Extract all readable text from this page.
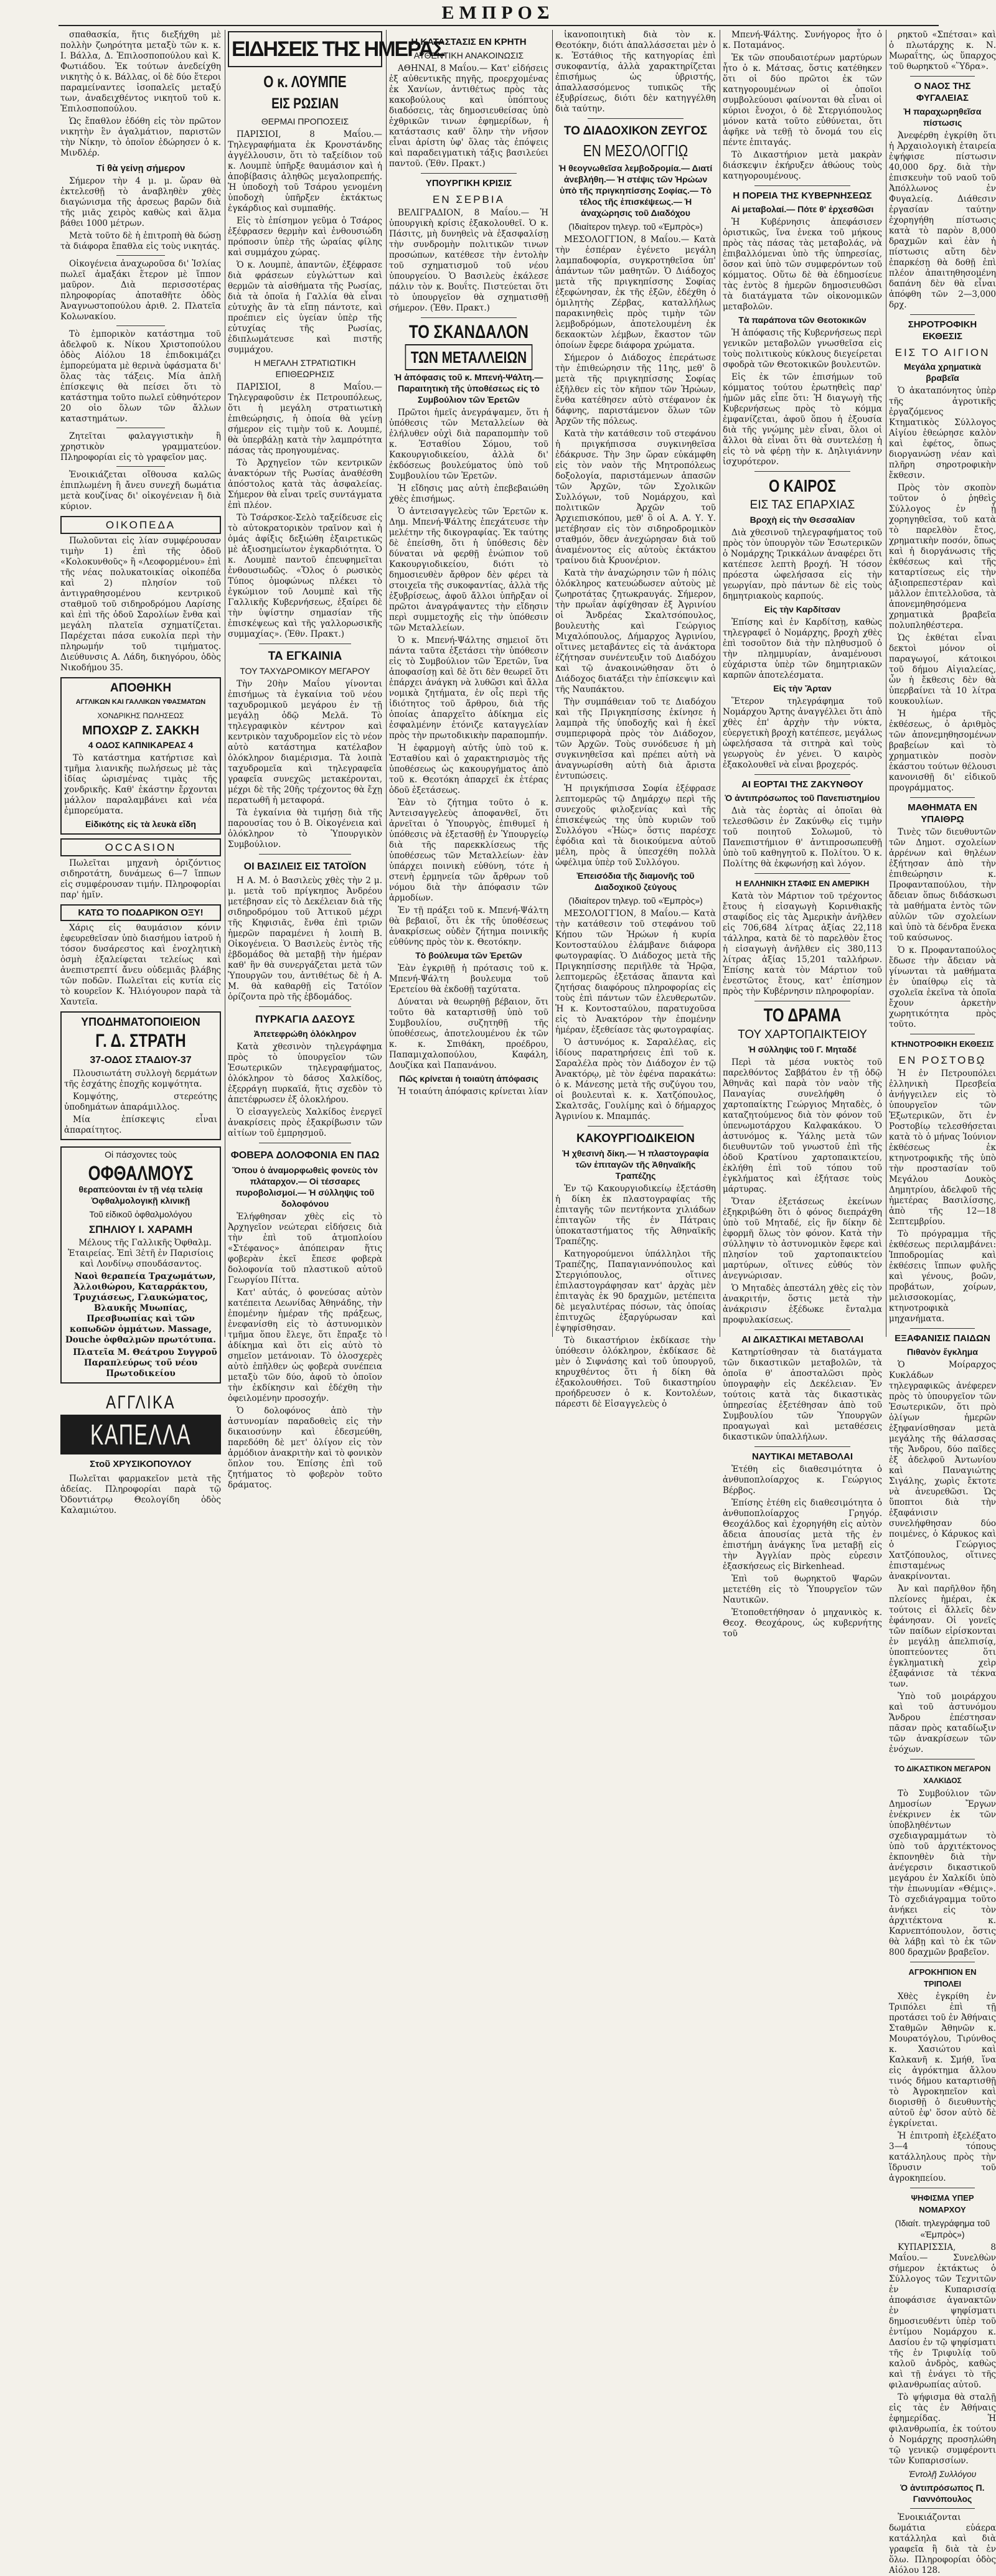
ΕΜΠΡΟΣ

σπαθασκία, ἥτις διεξήχθη μὲ πολλὴν ζωηρότητα μεταξὺ τῶν κ. κ. Ι. Βάλλα, Δ. Ἐπιλοσποπούλου καὶ Κ. Φωτιάδου. Ἐκ τούτων ἀνεδείχθη νικητὴς ὁ κ. Βάλλας, οἱ δὲ δύο ἕτεροι παραμείναντες ἰσοπαλεῖς μεταξύ των, ἀναδειχθέντος νικητοῦ τοῦ κ. Ἐπιλοσποπούλου.

Ὡς ἔπαθλον ἐδόθη εἰς τὸν πρῶτον νικητὴν ἓν ἀγαλμάτιον, παριστῶν τὴν Νίκην, τὸ ὁποῖον ἐδώρησεν ὁ κ. Μινδλέρ.

Τί θὰ γείνῃ σήμερον

Σήμερον τὴν 4 μ. μ. ὥραν θὰ ἐκτελεσθῇ τὸ ἀναβληθὲν χθὲς διαγώνισμα τῆς ἀρσεως βαρῶν διὰ τῆς μιᾶς χειρὸς καθὼς καὶ ἅλμα βάθει 1000 μέτρων.

Μετὰ τοῦτο δὲ ἡ ἐπιτροπὴ θὰ δώσῃ τὰ διάφορα ἔπαθλα εἰς τοὺς νικητάς.

Οἰκογένεια ἀναχωροῦσα δι' Ἰσλίας πωλεῖ ἀμαξάκι ἕτερον μὲ ἵππον μαῦρον. Διὰ περισσοτέρας πληροφορίας ἀποταθῆτε ὁδὸς Ἀναγνωστοπούλου ἀριθ. 2. Πλατεῖα Κολωνακίου.

Τὸ ἐμπορικὸν κατάστημα τοῦ ἀδελφοῦ κ. Νίκου Χριστοπούλου ὁδὸς Αἰόλου 18 ἐπιδοκιμάζει ἐμπορεύματα μὲ θερινὰ ὑφάσματα δι' ὅλας τὰς τάξεις. Μία ἀπλῆ ἐπίσκεψις θὰ πείσει ὅτι τὸ κατάστημα τοῦτο πωλεῖ εὐθηνότερον 20 οἱο ὅλων τῶν ἄλλων καταστημάτων.

Ζητεῖται φαλαγγιστικὴν ἢ χρηστικὸν γραμματεύον. Πληροφορίαι εἰς τὸ γραφεῖον μας.

Ἐνοικιάζεται οἴθουσα καλῶς ἐπιπλωμένη ἢ ἄνευ συνεχῆ δωμάτια μετὰ κουζίνας δι' οἰκογένειαν ἢ διὰ κύριον.

ΟΙΚΟΠΕΔΑ

Πωλοῦνται εἰς λίαν συμφέρουσαν τιμὴν 1) ἐπὶ τῆς ὁδοῦ «Κολοκυνθοῦς» ἢ «Λεοφορμένου» ἐπὶ τῆς νέας πολυκατοικίας οἰκοπέδα καὶ 2) πλησίον τοῦ ἀντιγραθησομένου κεντρικοῦ σταθμοῦ τοῦ σιδηροδρόμου Λαρίσης καὶ ἐπὶ τῆς ὁδοῦ Σαρολίων ἔνθα καὶ μεγάλη πλατεῖα σχηματίζεται. Παρέχεται πάσα ευκολία περὶ τὴν πληρωμήν τοῦ τιμήματος. Διεύθυνσις Α. Λάδη, δικηγόρου, ὁδὸς Νικοδήμου 35.

ΑΠΟΘΗΚΗ
ΑΓΓΛΙΚΩΝ ΚΑΙ ΓΑΛΛΙΚΩΝ ΥΦΑΣΜΑΤΩΝ
ΧΟΝΔΡΙΚΗΣ ΠΩΛΗΣΕΩΣ
ΜΠΟΧΩΡ Ζ. ΣΑΚΚΗ
4 ΟΔΟΣ ΚΑΠΝΙΚΑΡΕΑΣ 4

Τὸ κατάστημα κατήρτισε καὶ τμῆμα λιανικῆς πωλήσεως μὲ τὰς ἰδίας ὡρισμένας τιμὰς τῆς χονδρικῆς. Καθ' ἑκάστην ἔρχονται μάλλον παραλαμβάνει καὶ νέα ἐμπορεύματα.

Εἰδικότης εἰς τὰ λευκὰ εἴδη
OCCASION

Πωλεῖται μηχανὴ ὀριζόντιος σιδηροτάτη, δυνάμεως 6—7 ἵππων εἰς συμφέρουσαν τιμήν. Πληροφορίαι παρ' ἡμῖν.

ΚΑΤΩ ΤΟ ΠΟΔΑΡΙΚΟΝ ΟΞΥ!

Χάρις εἰς θαυμάσιον κόνιν ἐφευρεθεῖσαν ὑπὸ διασήμου ἰατροῦ ἡ τόσον δυσάρεστος καὶ ἐνοχλητικὴ ὀσμὴ ἐξαλείφεται τελείως καὶ ἀνεπιστρεπτί ἄνευ οὐδεμιᾶς βλάβης τῶν ποδῶν. Πωλεῖται εἰς κυτία εἰς τὸ κουρεῖον Κ. Ἠλιόγουρον παρὰ τὰ Χαυτεῖα.

ΥΠΟΔΗΜΑΤΟΠΟΙΕΙΟΝ
Γ. Δ. ΣΤΡΑΤΗ
37-ΟΔΟΣ ΣΤΑΔΙΟΥ-37

Πλουσιωτάτη συλλογὴ δερμάτων τῆς ἐσχάτης ἐποχῆς κομψότητα.

Κομψότης, στερεότης ὑποδημάτων ἀπαράμιλλος.

Μία ἐπίσκεψις εἶναι ἀπαραίτητος.

Οἱ πάσχοντες τοὺς
ΟΦΘΑΛΜΟΥΣ
θεραπεύονται ἐν τῇ νέᾳ τελείᾳ Ὀφθαλμολογικῇ κλινικῇ
Τοῦ εἰδικοῦ ὀφθαλμολόγου
ΣΠΗΛΙΟΥ Ι. ΧΑΡΑΜΗ

Μέλους τῆς Γαλλικῆς Ὀφθαλμ. Ἑταιρείας. Ἐπὶ 3ἐτῆ ἐν Παρισίοις καὶ Λονδίνῳ σπουδάσαντος.

Ναοὶ θεραπεία Τραχωμάτων, Ἀλλοιθώρου, Καταρράκτου, Τρυχιάσεως, Γλαυκώματος, Βλαυκῆς Μυωπίας, Πρεσβυωπίας καὶ τῶν κοπωδῶν ὀμμάτων. Massage, Douche ὀφθαλμῶν πρωτότυπα.

Πλατεῖα Μ. Θεάτρου Συγγροῦ Παραπλεύρως τοῦ νέου Πρωτοδικείου

ΑΓΓΛΙΚΑ
ΚΑΠΕΛΛΑ
Στοῦ ΧΡΥΣΙΚΟΠΟΥΛΟΥ

Πωλεῖται φαρμακεῖον μετὰ τῆς ἀδείας. Πληροφορίαι παρὰ τῷ Ὀδοντιάτρῳ Θεολογίδη ὁδὸς Καλαμιώτου.

ΕΙΔΗΣΕΙΣ ΤΗΣ ΗΜΕΡΑΣ
Ο κ. ΛΟΥΜΠΕ
ΕΙΣ ΡΩΣΙΑΝ
ΘΕΡΜΑΙ ΠΡΟΠΟΣΕΙΣ

ΠΑΡΙΣΙΟΙ, 8 Μαΐου.— Τηλεγραφήματα ἐκ Κρονστάνδης ἀγγέλλουσιν, ὅτι τὸ ταξείδιον τοῦ κ. Λουμπὲ ὑπῆρξε θαυμάσιον καὶ ἡ ἀποβίβασις ἀληθῶς μεγαλοπρεπής. Ἡ ὑποδοχὴ τοῦ Τσάρου γενομένη ὑποδοχὴ ὑπῆρξεν ἐκτάκτως ἐγκάρδιος καὶ συμπαθής.

Εἰς τὸ ἐπίσημον γεῦμα ὁ Τσάρος ἐξέφρασεν θερμὴν καὶ ἐνθουσιώδη πρόποσιν ὑπὲρ τῆς ὡραίας φίλης καὶ συμμάχου χώρας.

Ὁ κ. Λουμπὲ, ἀπαντῶν, ἐξέφρασε διὰ φράσεων εὐγλώττων καὶ θερμῶν τὰ αἰσθήματα τῆς Ρωσίας, διὰ τὰ ὁποῖα ἡ Γαλλία θὰ εἶναι εὐτυχὴς ἂν τὰ εἴπῃ πάντοτε, καὶ προέπιεν εἰς ὑγείαν ὑπὲρ τῆς εὐτυχίας τῆς Ρωσίας, ἐδιπλωμάτευσε καὶ πιστῆς συμμάχου.

Η ΜΕΓΑΛΗ ΣΤΡΑΤΙΩΤΙΚΗ ΕΠΙΘΕΩΡΗΣΙΣ

ΠΑΡΙΣΙΟΙ, 8 Μαΐου.— Τηλεγραφοῦσιν ἐκ Πετρουπόλεως, ὅτι ἡ μεγάλη στρατιωτικὴ ἐπιθεώρησις, ἡ ὁποία θὰ γείνῃ σήμερον εἰς τιμὴν τοῦ κ. Λουμπέ, θὰ ὑπερβάλῃ κατὰ τὴν λαμπρότητα πάσας τὰς προηγουμένας.

Τὸ Ἀρχηγεῖον τῶν κεντρικῶν ἀνακτόρων τῆς Ρωσίας ἀναθέσθη ἀπόστολος κατὰ τὰς ἀσφαλείας. Σήμερον θὰ εἶναι τρεῖς συντάγματα ἐπὶ πλέον.

Τὸ Τσάρσκοε-Σελὸ ταξείδευσε εἰς τὸ αὐτοκρατορικὸν τραῖνον καὶ ἡ ὁμάς ἀφίξις δεξιώθη ἐξαιρετικῶς μὲ ἀξιοσημείωτον ἐγκαρδιότητα. Ὁ κ. Λουμπὲ παντοῦ ἐπευφημεῖται ἐνθουσιωδῶς. «Ὅλος ὁ ρωσικὸς Τύπος ὁμοφώνως πλέκει τὸ ἐγκώμιον τοῦ Λουμπὲ καὶ τῆς Γαλλικῆς Κυβερνήσεως, ἐξαίρει δὲ τὴν ὑψίστην σημασίαν τῆς ἐπισκέψεως καὶ τῆς γαλλορωσικῆς συμμαχίας». (Ἐθν. Πρακτ.)

ΤΑ ΕΓΚΑΙΝΙΑ
ΤΟΥ ΤΑΧΥΔΡΟΜΙΚΟΥ ΜΕΓΑΡΟΥ

Τὴν 20ὴν Μαΐου γίνονται ἐπισήμως τὰ ἐγκαίνια τοῦ νέου ταχυδρομικοῦ μεγάρου ἐν τῇ μεγάλῃ ὁδῷ Μελᾶ. Τὸ τηλεγραφικὸν κέντρον καὶ κεντρικὸν ταχυδρομεῖον εἰς τὸ νέον αὐτὸ κατάστημα κατέλαβον ὁλόκληρον διαμέρισμα. Τὰ λοιπὰ ταχυδρομεῖα καὶ τηλεγραφεῖα γραφεῖα συνεχῶς μετακέρονται, μέχρι δὲ τῆς 20ῆς τρέχοντος θὰ ἔχῃ περατωθῆ ἡ μεταφορά.

Τὰ ἐγκαίνια θὰ τιμήσῃ διὰ τῆς παρουσίας του ὁ Β. Οἰκογένεια καὶ ὁλόκληρον τὸ Ὑπουργικὸν Συμβούλιον.

ΟΙ ΒΑΣΙΛΕΙΣ ΕΙΣ ΤΑΤΟΪΟΝ

Η Α. Μ. ὁ Βασιλεὺς χθὲς τὴν 2 μ. μ. μετὰ τοῦ πρίγκηπος Ἀνδρέου μετέβησαν εἰς τὸ Δεκέλειαν διὰ τῆς σιδηροδρόμου τοῦ Ἀττικοῦ μέχρι τῆς Κηφισιᾶς, ἔνθα ἐπὶ τριῶν ἡμερῶν παραμένει ἡ λοιπὴ Β. Οἰκογένεια. Ὁ Βασιλεὺς ἐντὸς τῆς ἑβδομάδος θὰ μεταβῇ τὴν ἡμέραν καθ' ἣν θὰ συνεργάζεται μετὰ τῶν Ὑπουργῶν του, ἀντιθέτως δὲ ἡ Α. Μ. θὰ καθαρθῇ εἰς Τατόϊον ὁρίζοντα πρὸ τῆς ἑβδομάδος.

ΠΥΡΚΑΓΙΑ ΔΑΣΟΥΣ
Ἀπετεφρώθη ὁλόκληρον

Κατὰ χθεσινὸν τηλεγράφημα πρὸς τὸ ὑπουργεῖον τῶν Ἐσωτερικῶν τηλεγραφήματος, ὁλόκληρον τὸ δάσος Χαλκίδος, ἐξερράγη πυρκαϊά, ἥτις σχεδὸν τὸ ἀπετέφρωσεν ἐξ ὁλοκλήρου.

Ὁ εἰσαγγελεὺς Χαλκίδος ἐνεργεῖ ἀνακρίσεις πρὸς ἐξακρίβωσιν τῶν αἰτίων τοῦ ἐμπρησμοῦ.

ΦΟΒΕΡΑ ΔΟΛΟΦΟΝΙΑ ΕΝ ΠΑΩ
Ὅπου ὁ ἀναμορφωθεὶς φονεὺς τὸν πλάταρχον.— Οἱ τέσσαρες πυροβολισμοί.— Ἡ σύλληψις τοῦ δολοφόνου

Ἐλήφθησαν χθὲς εἰς τὸ Ἀρχηγεῖον νεώτεραι εἰδήσεις διὰ τὴν ἐπὶ τοῦ ἀτμοπλοίου «Στέφανος» ἀπόπειραν ἥτις φοβερὰν ἐκεῖ ἔπεσε φοβερὰ δολοφονία τοῦ πλαστικοῦ αὐτοῦ Γεωργίου Πίττα.

Κατ' αὐτάς, ὁ φονεύσας αὐτὸν κατέπειτα Λεωνίδας Ἀθηνάδης, τὴν ἐπομένην ἡμέραν τῆς πράξεως, ἐνεφανίσθη εἰς τὸ ἀστυνομικὸν τμῆμα ὅπου ἔλεγε, ὅτι ἔπραξε τὸ ἀδίκημα καὶ ὅτι εἰς αὐτὸ τὸ σημεῖον μετάνοιαν. Τὸ ὁλοσχερὲς αὐτὸ ἐπῆλθεν ὡς φοβερὰ συνέπεια μεταξὺ τῶν δύο, ἀφοῦ τὸ ὁποῖον τὴν ἐκδίκησιν καὶ ἐδέχθη τὴν ὀφειλομένην προσοχήν.

Ὁ δολοφόνος ἀπὸ τὴν ἀστυνομίαν παραδοθεὶς εἰς τὴν δικαιοσύνην καὶ ἐδεσμεύθη, παρεδόθη δὲ μετ' ὀλίγον εἰς τὸν ἀρμόδιον ἀνακριτὴν καὶ τὸ φονικὸν ὅπλον του. Ἐπίσης ἐπὶ τοῦ ζητήματος τὸ φοβερὸν τοῦτο δράματος.

Η ΚΑΤΑΣΤΑΣΙΣ ΕΝ ΚΡΗΤΗ
ΑΥΘΕΝΤΙΚΗ ΑΝΑΚΟΙΝΩΣΙΣ

ΑΘΗΝΑΙ, 8 Μαΐου.— Κατ' εἰδήσεις ἐξ αὐθεντικῆς πηγῆς, προερχομένας ἐκ Χανίων, ἀντιθέτως πρὸς τὰς κακοβούλους καὶ ὑπόπτους διαδόσεις, τὰς δημοσιευθείσας ὑπὸ ἐχθρικῶν τινων ἐφημερίδων, ἡ κατάστασις καθ' ὅλην τὴν νῆσον εἶναι ἀρίστη ὑφ' ὅλας τὰς ἐπόψεις καὶ παραδειγματικὴ τάξις βασιλεύει παντοῦ. (Ἐθν. Πρακτ.)

ΥΠΟΥΡΓΙΚΗ ΚΡΙΣΙΣ
ΕΝ ΣΕΡΒΙΑ

ΒΕΛΙΓΡΑΔΙΟΝ, 8 Μαΐου.— Ἡ ὑπουργικὴ κρίσις ἐξακολουθεῖ. Ὁ κ. Πάσιτς, μὴ δυνηθεὶς νὰ ἐξασφαλίσῃ τὴν συνδρομὴν πολιτικῶν τινων προσώπων, κατέθεσε τὴν ἐντολὴν τοῦ σχηματισμοῦ τοῦ νέου ὑπουργείου. Ὁ Βασιλεὺς ἐκάλεσε πάλιν τὸν κ. Βουΐτς. Πιστεύεται ὅτι τὸ ὑπουργεῖον θὰ σχηματισθῇ σήμερον. (Ἐθν. Πρακτ.)

ΤΟ ΣΚΑΝΔΑΛΟΝ
ΤΩΝ ΜΕΤΑΛΛΕΙΩΝ
Ἡ ἀπόφασις τοῦ κ. Μπενή-Ψάλτη.— Παραιτητικὴ τῆς ὑποθέσεως εἰς τὸ Συμβούλιον τῶν Ἐρετῶν

Πρῶτοι ἡμεῖς ἀνεγράψαμεν, ὅτι ἡ ὑπόθεσις τῶν Μεταλλείων θὰ ἐλήλυθεν οὐχὶ διὰ παραπομπὴν τοῦ κ. Ἐσταθίου Σόμου, τοῦ Κακουργιοδικείου, ἀλλὰ δι' ἐκδόσεως βουλεύματος ὑπὸ τοῦ Συμβουλίου τῶν Ἐρετῶν.

Ἡ εἴδησις μας αὐτὴ ἐπεβεβαιώθη χθὲς ἐπισήμως.

Ὁ ἀντεισαγγελεὺς τῶν Ἐρετῶν κ. Δημ. Μπενή-Ψάλτης ἐπεχάτευσε τὴν μελέτην τῆς δικογραφίας. Ἐκ ταύτης δὲ ἐπείσθη, ὅτι ἡ ὑπόθεσις δὲν δύναται νὰ φερθῇ ἐνώπιον τοῦ Κακουργιοδικείου, διότι τὸ δημοσιευθὲν ἄρθρον δὲν φέρει τὰ στοιχεῖα τῆς συκοφαντίας, ἀλλὰ τῆς ἐξυβρίσεως, ἀφοῦ ἄλλοι ὑπῆρξαν οἱ πρῶτοι ἀναγράψαντες τὴν εἴδησιν περὶ συμμετοχῆς εἰς τὴν ὑπόθεσιν τῶν Μεταλλείων.

Ὁ κ. Μπενή-Ψάλτης σημειοῖ ὅτι πάντα ταῦτα ἐξετάσει τὴν ὑπόθεσιν εἰς τὸ Συμβούλιον τῶν Ἐρετῶν, ἵνα ἀποφασίσῃ καὶ δὲ ὅτι δὲν θεωρεῖ ὅτι ἐπάρχει ἀνάγκη νὰ λυθῶσι καὶ ἄλλα νομικὰ ζητήματα, ἐν οἷς περὶ τῆς ἰδιότητος τοῦ ἄρθρου, διὰ τῆς ὁποίας ἀπαρχεῖτο ἀδίκημα εἰς ἐσφαλμένην ἐτόνιζε καταγγελίαν πρὸς τὴν πρωτοδικικὴν παραπομπήν.

Ἡ ἐφαρμογὴ αὐτῆς ὑπὸ τοῦ κ. Ἐσταθίου καὶ ὁ χαρακτηρισμὸς τῆς ὑποθέσεως ὡς κακουργήματος ἀπὸ τοῦ κ. Θεοτόκη ἀπαρχεῖ ἐκ ἑτέρας ὁδοῦ ἐξετάσεως.

Ἐὰν τὸ ζήτημα τοῦτο ὁ κ. Ἀντεισαγγελεὺς ἀποφανθεῖ, ὅτι ἀρνεῖται ὁ Ὑπουργὸς, ἐπιθυμεῖ ἡ ὑπόθεσις νὰ ἐξετασθῇ ἐν Ὑπουργείῳ διὰ τῆς παρεκκλίσεως τῆς ὑποθέσεως τῶν Μεταλλείων· ἐὰν ὑπάρχει ποινικὴ εὐθύνη, τότε ἡ στενὴ ἐρμηνεία τῶν ἄρθρων τοῦ νόμου διὰ τὴν ἀπόφασιν τῶν ἀρμοδίων.

Ἐν τῇ πράξει τοῦ κ. Μπενή-Ψάλτη θὰ βεβαιοῖ, ὅτι ἐκ τῆς ὑποθέσεως ἀνακρίσεως οὐδὲν ζήτημα ποινικῆς εὐθύνης πρὸς τὸν κ. Θεοτόκην.

Τὸ βούλευμα τῶν Ἐρετῶν

Ἐὰν ἐγκριθῇ ἡ πρότασις τοῦ κ. Μπενή-Ψάλτη βουλευμα τοῦ Ἐρετείου θὰ ἐκδοθῇ ταχύτατα.

Δύναται νὰ θεωρηθῇ βέβαιον, ὅτι τοῦτο θὰ καταρτισθῇ ὑπὸ τοῦ Συμβουλίου, συζητηθῇ τῆς ὑποθέσεως, ἀποτελουμένου ἐκ τῶν κ. κ. Σπιθάκη, προέδρου, Παπαμιχαλοπούλου, Καφάλη, Δουζίκα καὶ Παπανάνου.

Πῶς κρίνεται ἡ τοιαύτη ἀπόφασις

Ἡ τοιαύτη ἀπόφασις κρίνεται λίαν

ἱκανοποιητικὴ διὰ τὸν κ. Θεοτόκην, διότι ἀπαλλάσσεται μὲν ὁ κ. Ἐστάθιος τῆς κατηγορίας ἐπὶ συκοφαντίᾳ, ἀλλὰ χαρακτηρίζεται ἐπισήμως ὡς ὑβριστής, ἀπαλλασσόμενος τυπικῶς τῆς ἐξυβρίσεως, διότι δὲν κατηγγέλθη διὰ ταύτην.

ΤΟ ΔΙΑΔΟΧΙΚΟΝ ΖΕΥΓΟΣ
ΕΝ ΜΕΣΟΛΟΓΓΙῼ
Ἡ θεογνωθεῖσα λεμβοδρομία.— Διατί ἀνεβλήθη.— Ἡ στέψις τῶν Ἡρώων ὑπὸ τῆς πριγκηπίσσης Σοφίας.— Τὸ τέλος τῆς ἐπισκέψεως.— Ἡ ἀναχώρησις τοῦ Διαδόχου
(Ἰδιαίτερον τηλεγρ. τοῦ «Ἐμπρὸς»)

ΜΕΣΟΛΟΓΓΙΟΝ, 8 Μαΐου.— Κατὰ τὴν ἑσπέραν ἐγένετο μεγάλη λαμπαδοφορία, συγκροτηθεῖσα ὑπ' ἀπάντων τῶν μαθητῶν. Ὁ Διάδοχος μετὰ τῆς πριγκηπίσσης Σοφίας ἐξεφώνησαν, ἐκ τῆς ἐξῶν, ἐδέχθη ὁ ὁμιλητὴς Ζέρβας, καταλλήλως παρακινηθεὶς πρὸς τιμὴν τῶν λεμβοδρόμων, ἀποτελουμένη ἐκ δεκαοκτὼν λέμβων, ἕκαστον τῶν ὁποίων ἔφερε διάφορα χρώματα.

Σήμερον ὁ Διάδοχος ἐπεράτωσε τὴν ἐπιθεώρησιν τῆς 11ης, μεθ' ὃ μετὰ τῆς πριγκηπίσσης Σοφίας ἐξῆλθεν εἰς τὸν κῆπον τῶν Ἡρώων, ἔνθα κατέθησεν αὐτὸ στέφανον ἐκ δάφνης, παριστάμενον ὅλων τῶν Ἀρχῶν τῆς πόλεως.

Κατὰ τὴν κατάθεσιν τοῦ στεφάνου ἡ πριγκήπισσα συγκινηθεῖσα ἐδάκρυσε. Τὴν 3ην ὥραν εὐκάμφθη εἰς τὸν ναὸν τῆς Μητροπόλεως δοξολογία, παριστάμενων ἁπασῶν τῶν Ἀρχῶν, τῶν Σχολικῶν Συλλόγων, τοῦ Νομάρχου, καὶ πολιτικῶν Ἀρχῶν τοῦ Ἀρχιεπισκόπου, μεθ' ὃ οἱ Α. Α. Υ. Υ. μετέβησαν εἰς τὸν σιδηροδρομικὸν σταθμόν, ὅθεν ἀνεχώρησαν διὰ τοῦ ἀναμένοντος εἰς αὐτοὺς ἐκτάκτου τραίνου διὰ Κρυονέριον.

Κατὰ τὴν ἀναχώρησιν τῶν ἡ πόλις ὁλόκληρος κατευώδωσεν αὐτοὺς μὲ ζωηροτάτας ζητωκραυγάς. Σήμερον, τὴν πρωΐαν ἀφίχθησαν ἐξ Ἀγρινίου οἱ Ἄνδρέας Σκαλτσόπουλος, βουλευτὴς καὶ Γεώργιος Μιχαλόπουλος, Δήμαρχος Ἀγρινίου, οἵτινες μεταβάντες εἰς τὰ ἀνάκτορα ἐζήτησαν συνέντευξιν τοῦ Διαδόχου καὶ τῷ ἀνακοινώθησαν ὅτι ὁ Διάδοχος διατάξει τὴν ἐπίσκεψιν καὶ τῆς Ναυπάκτου.

Τὴν συμπάθειαν τοῦ τε Διαδόχου καὶ τῆς Πριγκηπίσσης ἐκίνησε ἡ λαμπρὰ τῆς ὑποδοχῆς καὶ ἡ ἐκεῖ συμπεριφορὰ πρὸς τὸν Διάδοχον, τῶν Ἀρχῶν. Τοὺς συνόδευσε ἡ μὴ συγκινηθεῖσα καὶ πρέπει αὐτὴ νὰ ἀναγνωρίσθη αὐτὴ διὰ ἄριστα ἐντυπώσεις.

Ἡ πριγκήπισσα Σοφία ἐξέφρασε λεπτομερῶς τῷ Δημάρχῳ περὶ τῆς συνεχοῦς φιλοξενίας καὶ τῆς ἐπισκέψεώς της ὑπὸ κυριῶν τοῦ Συλλόγου «Ἠὼς» ὅστις παρέσχε ἐφόδια καὶ τὰ διοικούμενα αὐτοῦ μέλη, πρὸς ἃ ὑπεσχέθη πολλὰ ὠφέλιμα ὑπὲρ τοῦ Συλλόγου.

Ἐπεισόδια τῆς διαμονῆς τοῦ Διαδοχικοῦ ζεύγους
(Ἰδιαίτερον τηλεγρ. τοῦ «Ἐμπρὸς»)

ΜΕΣΟΛΟΓΓΙΟΝ, 8 Μαΐου.— Κατὰ τὴν κατάθεσιν τοῦ στεφάνου τοῦ Κήπου τῶν Ἡρώων ἡ κυρία Κοντοσταύλου ἐλάμβανε διάφορα φωτογραφίας. Ὁ Διάδοχος μετὰ τῆς Πριγκηπίσσης περιῆλθε τὰ Ἡρῷα, λεπτομερῶς ἐξετάσας ἅπαντα καὶ ζητήσας διαφόρους πληροφορίας εἰς τοὺς ἐπὶ πάντων τῶν ἐλευθερωτῶν. Ἡ κ. Κοντοσταύλου, παρατυχοῦσα εἰς τὸ Ἀνακτόρον τὴν ἐπομένην ἡμέραν, ἐξεθείασε τὰς φωτογραφίας.

Ὁ ἀστυνόμος κ. Σαραλέλας, εἰς ἰδίους παρατηρήσεις ἐπὶ τοῦ κ. Σαραλέλα πρὸς τὸν Διάδοχον ἐν τῷ Ἀνακτόρῳ, μὲ τὸν ἐφένα παρακάτω: ὁ κ. Μάνεσης μετὰ τῆς συζύγου του, οἱ βουλευταὶ κ. κ. Χατζόπουλος, Σκαλτσᾶς, Γουλίμης καὶ ὁ δήμαρχος Ἀγρινίου κ. Μπαμπάς.

ΚΑΚΟΥΡΓΙΟΔΙΚΕΙΟΝ
Ἡ χθεσινὴ δίκη.— Ἡ πλαστογραφία τῶν ἐπιταγῶν τῆς Ἀθηναϊκῆς Τραπέζης

Ἐν τῷ Κακουργιοδικείῳ ἐξετάσθη ἡ δίκη ἐκ πλαστογραφίας τῆς ἐπιταγῆς τῶν πεντήκοντα χιλιάδων ἐπιταγῶν τῆς ἐν Πάτραις ὑποκαταστήματος τῆς Ἀθηναϊκῆς Τραπέζης.

Κατηγορούμενοι ὑπάλληλοι τῆς Τραπέζης, Παπαγιαννόπουλος καὶ Στεργιόπουλος, οἵτινες ἐπιλαστογράφησαν κατ' ἀρχὰς μὲν ἐπιταγὰς ἐκ 90 δραχμῶν, μετέπειτα δὲ μεγαλυτέρας πόσων, τὰς ὁποίας ἐπιτυχῶς ἐξαργύρωσαν καὶ ἐψηφίσθησαν.

Τὸ δικαστήριον ἐκδίκασε τὴν ὑπόθεσιν ὁλόκληρον, ἐκδίκασε δὲ μὲν ὁ Σιφνάσης καὶ τοῦ ὑπουργοῦ, κηρυχθέντος ὅτι ἡ δίκη θὰ ἐξακολουθήσει. Τοῦ δικαστηρίου προήδρευσεν ὁ κ. Κοντολέων, πάρεστι δὲ Εἰσαγγελεὺς ὁ

Μπενή-Ψάλτης. Συνήγορος ἦτο ὁ κ. Ποταμάνος.

Ἐκ τῶν σπουδαιοτέρων μαρτύρων ἦτο ὁ κ. Μάτσας, ὅστις κατέθηκεν ὅτι οἱ δύο πρῶτοι ἐκ τῶν κατηγορουμένων οἱ ὁποῖοι συμβολεύουσι φαίνονται θὰ εἶναι οἱ κύριοι ἔνοχοι, ὁ δὲ Στεργιόπουλος μόνον κατὰ τοῦτο εὐθύνεται, ὅτι ἀφῆκε νὰ τεθῇ τὸ ὄνομά του εἰς πέντε ἐπιταγάς.

Τὸ Δικαστήριον μετὰ μακρὰν διάσκεψιν ἐκήρυξεν ἀθώους τοὺς κατηγορουμένους.

Η ΠΟΡΕΙΑ ΤΗΣ ΚΥΒΕΡΝΗΣΕΩΣ
Αἱ μεταβολαί.— Πότε θ' ἐρχεσθῶσι

Ἡ Κυβέρνησις ἀπεφάσισεν ὁριστικῶς, ἵνα ἐνεκα τοῦ μήκους πρὸς τὰς πάσας τὰς μεταβολάς, νὰ ἐπιβαλλόμεναι ὑπὸ τῆς ὑπηρεσίας, ὅσον καὶ ὑπὸ τῶν συμφερόντων τοῦ κόμματος. Οὕτω δὲ θὰ ἐδημοσίευε τὰς ἐντὸς 8 ἡμερῶν δημοσιευθῶσι τὰ διατάγματα τῶν οἰκονομικῶν μεταβολῶν.

Τὰ παράπονα τῶν Θεοτοκικῶν

Ἡ ἀπόφασις τῆς Κυβερνήσεως περὶ γενικῶν μεταβολῶν γνωσθεῖσα εἰς τοὺς πολιτικοὺς κύκλους διεγείρεται σφοδρὰ τῶν Θεοτοκικῶν βουλευτῶν.

Εἰς ἐκ τῶν ἐπισήμων τοῦ κόμματος τούτου ἐρωτηθεὶς παρ' ἡμῶν μᾶς εἶπε ὅτι: Ἡ διαγωγὴ τῆς Κυβερνήσεως πρὸς τὸ κόμμα ἐμφανίζεται, ἀφοῦ ὅπου ἡ ἐξουσία διὰ τῆς γνώμης μὲν εἶναι, ὅλοι οἱ ἄλλοι θὰ εἶναι ὅτι θὰ συντελέσῃ ἡ εἰς τὸ νὰ φέρῃ τὴν κ. Δηλιγιάννην ἰσχυρότερον.

Ο ΚΑΙΡΟΣ
ΕΙΣ ΤΑΣ ΕΠΑΡΧΙΑΣ
Βροχὴ εἰς τὴν Θεσσαλίαν

Διὰ χθεσινοῦ τηλεγραφήματος τοῦ πρὸς τὸν ὑπουργὸν τῶν Ἐσωτερικῶν ὁ Νομάρχης Τρικκάλων ἀναφέρει ὅτι κατέπεσε λεπτὴ βροχή. Ἡ τόσον πρόεστα ὠφελήσασα εἰς τὴν γεωργίαν, πρὸ πάντων δὲ εἰς τοὺς δημητριακοὺς καρπούς.

Εἰς τὴν Καρδίτσαν

Ἐπίσης καὶ ἐν Καρδίτσῃ, καθὼς τηλεγραφεῖ ὁ Νομάρχης, βροχὴ χθὲς ἐπὶ τοσοῦτον διὰ τὴν πληθυσμοῦ ὁ τὴν πλημμυρίαν, ἀναμένουσι εὐχάριστα ὑπὲρ τῶν δημητριακῶν καρπῶν ἀποτελέσματα.

Εἰς τὴν Ἄρταν

Ἕτερον τηλεγράφημα τοῦ Νομάρχου Ἄρτης ἀναγγέλλει ὅτι ἀπὸ χθὲς ἐπ' ἀρχὴν τὴν νύκτα, εὐεργετικὴ βροχὴ κατέπεσε, μεγάλως ὠφελήσασα τὰ σιτηρὰ καὶ τοὺς γεωργοὺς ἐν γένει. Ὁ καιρὸς ἐξακολουθεῖ νὰ εἶναι βροχερός.

ΑΙ ΕΟΡΤΑΙ ΤΗΣ ΖΑΚΥΝΘΟΥ
Ὁ ἀντιπρόσωπος τοῦ Πανεπιστημίου

Διὰ τὰς ἑορτὰς αἱ ὁποῖαι θὰ τελεσθῶσιν ἐν Ζακύνθῳ εἰς τιμὴν τοῦ ποιητοῦ Σολωμοῦ, τὸ Πανεπιστήμιον θ' ἀντιπροσωπευθῇ ὑπὸ τοῦ καθηγητοῦ κ. Πολίτου. Ὁ κ. Πολίτης θὰ ἐκφωνήσῃ καὶ λόγον.

Η ΕΛΛΗΝΙΚΗ ΣΤΑΦΙΣ ΕΝ ΑΜΕΡΙΚΗ

Κατὰ τὸν Μάρτιον τοῦ τρέχοντος ἔτους ἡ εἰσαγωγὴ Κορινθιακῆς σταφίδος εἰς τὰς Ἀμερικὴν ἀνῆλθεν εἰς 706,684 λίτρας ἀξίας 22,118 τάλληρα, κατὰ δὲ τὸ παρελθὸν ἔτος ἡ εἰσαγωγὴ ἀνῆλθεν εἰς 380,113 λίτρας ἀξίας 15,201 ταλλήρων. Ἐπίσης κατὰ τὸν Μάρτιον τοῦ ἐνεστῶτος ἔτους, κατ' ἐπίσημον πρὸς τὴν Κυβέρνησιν πληροφορίαν.

ΤΟ ΔΡΑΜΑ
ΤΟΥ ΧΑΡΤΟΠΑΙΚΤΕΙΟΥ
Ἡ σύλληψις τοῦ Γ. Μηταδέ

Περὶ τὰ μέσα νυκτὸς τοῦ παρελθόντος Σαββάτου ἐν τῇ ὁδῷ Ἀθηνᾶς καὶ παρὰ τὸν ναὸν τῆς Παναγίας συνελήφθη ὁ χαρτοπαίκτης Γεώργιος Μηταδὲς, ὁ καταζητούμενος διὰ τὸν φόνον τοῦ ὑπενωμοτάρχου Καλφακάκου. Ὁ ἀστυνόμος κ. Ὑάλης μετὰ τῶν διευθυντῶν τοῦ γνωστοῦ ἐπὶ τῆς ὁδοῦ Κρατίνου χαρτοπαικτείου, ἐκλήθη ἐπὶ τοῦ τόπου τοῦ ἐγκλήματος καὶ ἐξήτασε τοὺς μάρτυρας.

Ὅταν ἐξετάσεως ἐκείνων ἐξηκριβώθη ὅτι ὁ φόνος διεπράχθη ὑπὸ τοῦ Μηταδέ, εἰς ἣν δίκην δὲ ἐφορμῆ ὅλως τὸν φόνον. Κατὰ τὴν σύλληψιν τὸ ἀστυνομικὸν ἔφερε καὶ πλησίον τοῦ χαρτοπαικτείου μαρτύρων, οἵτινες εὐθύς τὸν ἀνεγνώρισαν.

Ὁ Μηταδὲς ἀπεστάλη χθὲς εἰς τὸν ἀνακριτήν, ὅστις μετὰ τὴν ἀνάκρισιν ἐξέδωκε ἔνταλμα προφυλακίσεως.

ΑΙ ΔΙΚΑΣΤΙΚΑΙ ΜΕΤΑΒΟΛΑΙ

Κατηρτίσθησαν τὰ διατάγματα τῶν δικαστικῶν μεταβολῶν, τὰ ὁποῖα θ' ἀποσταλῶσι πρὸς ὑπογραφὴν εἰς Δεκέλειαν. Ἐν τούτοις κατὰ τὰς δικαστικὰς ὑπηρεσίας ἐξετέθησαν ἀπὸ τοῦ Συμβουλίου τῶν Ὑπουργῶν προαγωγαὶ καὶ μεταθέσεις δικαστικῶν ὑπαλλήλων.

ΝΑΥΤΙΚΑΙ ΜΕΤΑΒΟΛΑΙ

Ἐτέθη εἰς διαθεσιμότητα ὁ ἀνθυποπλοίαρχος κ. Γεώργιος Βέρβος.

Ἐπίσης ἐτέθη εἰς διαθεσιμότητα ὁ ἀνθυποπλοίαρχος Γρηγόρ. Θεοχάλδος καὶ ἐχορηγήθη εἰς αὐτὸν ἄδεια ἀπουσίας μετὰ τῆς ἐν ἐπιστήμη ἀνάγκης ἵνα μεταβῇ εἰς τὴν Ἀγγλίαν πρὸς εὑρεσιν ἐξασκήσεως εἰς Birkenhead.

Ἐπὶ τοῦ θωρηκτοῦ Ψαρῶν μετετέθη εἰς τὸ Ὑπουργεῖον τῶν Ναυτικῶν.

Ἐτοποθετήθησαν ὁ μηχανικὸς κ. Θεοχ. Θεοχάρους, ὡς κυβερνήτης τοῦ

ρηκτοῦ «Σπέτσαι» καὶ ὁ πλωτάρχης κ. Ν. Μωραΐτης, ὡς ὕπαρχος τοῦ θωρηκτοῦ «Ὕδρα».

Ο ΝΑΟΣ ΤΗΣ ΦΥΓΑΛΕΙΑΣ
Ἡ παραχωρηθεῖσα πίστωσις

Ἀνεφέρθη ἐγκρίθη ὅτι ἡ Ἀρχαιολογικὴ ἑταιρεία ἐψήφισε πίστωσιν 40,000 δρχ. διὰ τὴν ἐπισκευὴν τοῦ ναοῦ τοῦ Ἀπόλλωνος ἐν Φυγαλείᾳ. Διάθεσιν ἐργασίαν ταύτην ἐχορηγήθη πίστωσις κατὰ τὸ παρὸν 8,000 δραχμῶν καὶ ἐὰν ἡ πίστωσις αὕτη δὲν ἐπαρκέσῃ θὰ δοθῇ ἐπὶ πλέον ἀπαιτηθησομένη δαπάνη δὲν θὰ εἶναι ἀπόφθη τῶν 2—3,000 δρχ.

ΣΗΡΟΤΡΟΦΙΚΗ ΕΚΘΕΣΙΣ
ΕΙΣ ΤΟ ΑΙΓΙΟΝ
Μεγάλα χρηματικὰ βραβεῖα

Ὁ ἀκαταπόνητος ὑπὲρ τῆς ἀγροτικῆς ἐργαζόμενος Κτηματικὸς Σύλλογος Αἰγίου ἐθεώρησε καλὸν καὶ ἐφέτος, ὅπως διοργανώσῃ νέαν καὶ πλῆρη σηροτροφικὴν ἔκθεσιν.

Πρὸς τὸν σκοπὸν τοῦτον ὁ ῥηθεὶς Σύλλογος ἐν ᾗ χορηγηθεῖσα, τοῦ κατὰ τὸ παρελθὸν ἔτος, χρηματικὴν ποσόν, ὅπως καὶ ἡ διοργάνωσις τῆς ἐκθέσεως καὶ τῆς καταρτίσεως εἰς τὴν ἀξιοπρεπεστέραν καὶ μᾶλλον ἐπιτελλοῦσα, τὰ ἀπονεμηθησόμενα χρηματικὰ βραβεῖα πολυπληθέστερα.

Ὡς ἐκθέται εἶναι δεκτοὶ μόνον οἱ παραγωγοί, κάτοικοι τοῦ δήμου Αἰγιαλείας, ὧν ἡ ἔκθεσις δὲν θὰ ὑπερβαίνει τὰ 10 λίτρα κουκουλίων.

Ἡ ἡμέρα τῆς ἐκθέσεως, ὁ ἀριθμὸς τῶν ἀπονεμηθησομένων βραβείων καὶ τὸ χρηματικὸν ποσὸν ἑκάστου τούτων θέλουσι κανονισθῇ δι' εἰδικοῦ προγράμματος.

ΜΑΘΗΜΑΤΑ ΕΝ ΥΠΑΙΘΡῼ

Τινὲς τῶν διευθυντῶν τῶν Δημοτ. σχολείων ἀρρένων καὶ θηλέων ἐξήτησαν ἀπὸ τὴν ἐπιθεώρησιν κ. Προφανταπούλου, τὴν ἄδειαν ὅπως διδάσκωσι τὰ μαθήματα ἐντὸς τῶν αὐλῶν τῶν σχολείων καὶ ὑπὸ τὰ δένδρα ἕνεκα τοῦ καύσωνος.

Ὁ κ. Προφανταπούλος ἔδωσε τὴν ἄδειαν νὰ γίνωνται τὰ μαθήματα ἐν ὑπαίθρῳ εἰς τὰ σχολεῖα ἐκεῖνα τὰ ὁποῖα ἔχουν ἀρκετὴν χωρητικότητα πρὸς τοῦτο.

ΚΤΗΝΟΤΡΟΦΙΚΗ ΕΚΘΕΣΙΣ
ΕΝ ΡΟΣΤΟΒῼ

Ἡ ἐν Πετρουπόλει ἑλληνικὴ Πρεσβεία ἀνήγγειλεν εἰς τὸ ὑπουργεῖον τῶν Ἐξωτερικῶν, ὅτι ἐν Ροστοβίῳ τελεσθήσεται κατὰ τὸ ὁ μήνας Ἰούνιον ἐκθέσεως ἐκ κτηνοτροφικῆς τῆς ὑπὸ τὴν προστασίαν τοῦ Μεγάλου Δουκὸς Δημητρίου, ἀδελφοῦ τῆς ἡμετέρας Βασιλίσσης, ἀπὸ τῆς 12—18 Σεπτεμβρίου.

Τὸ πρόγραμμα τῆς ἐκθέσεως περιλαμβάνει: Ἱπποδρομίας καὶ ἐκθέσεις ἵππων φυλῆς καὶ γένους, βοῶν, προβάτων, χοίρων, μελισσοκομίας, κτηνοτροφικὰ μηχανήματα.

ΕΞΑΦΑΝΙΣΙΣ ΠΑΙΔΩΝ
Πιθανὸν ἔγκλημα

Ὁ Μοίραρχος Κυκλάδων τηλεγραφικῶς ἀνέφερεν πρὸς τὸ ὑπουργεῖον τῶν Ἐσωτερικῶν, ὅτι πρὸ ὀλίγων ἡμερῶν ἐξηφανίσθησαν μετὰ μεγάλης τῆς θάλασσας τῆς Ἄνδρου, δύο παῖδες ἐξ ἀδελφοῦ Ἀντωνίου καὶ Παναγιώτης Σιγάλης, χωρὶς ἔκτοτε νὰ ἀνευρεθῶσι. Ὡς ὕποπτοι διὰ τὴν ἐξαφάνισιν συνελήφθησαν δύο ποιμένες, ὁ Κάρυκος καὶ ὁ Γεώργιος Χατζόπουλος, οἵτινες ἐπισταμένως ἀνακρίνονται.

Ἀν καὶ παρῆλθον ἤδη πλείονες ἡμέραι, ἐκ τούτοις εἰ ἄλλεῖς δὲν ἐφάνησαν. Οἱ γονεῖς τῶν παίδων εἰρίσκονται ἐν μεγάλῃ ἀπελπισίᾳ, ὑποπτεύοντες ὅτι ἐγκληματικὴ χεὶρ ἐξαφάνισε τὰ τέκνα των.

Ὑπὸ τοῦ μοιράρχου καὶ τοῦ ἀστυνόμου Ἄνδρου ἐπέστησαν πᾶσαν πρὸς καταδίωξιν τῶν ἀνακρίσεων τῶν ἐνόχων.

ΤΟ ΔΙΚΑΣΤΙΚΟΝ ΜΕΓΑΡΟΝ ΧΑΛΚΙΔΟΣ

Τὸ Συμβούλιον τῶν Δημοσίων Ἔργων ἐνέκρινεν ἐκ τῶν ὑποβληθέντων σχεδιαγραμμάτων τὸ ὑπὸ τοῦ ἀρχιτέκτονος ἐκπονηθὲν διὰ τὴν ἀνέγερσιν δικαστικοῦ μεγάρου ἐν Χαλκίδι ὑπὸ τὴν ἐπωνυμίαν «Θέμις». Τὸ σχεδιάγραμμα τοῦτο ἀνήκει εἰς τὸν ἀρχιτέκτονα κ. Καρνεπτόπουλον, ὅστις θὰ λάβῃ καὶ τὸ ἐκ τῶν 800 δραχμῶν βραβεῖον.

ΑΓΡΟΚΗΠΙΟΝ ΕΝ ΤΡΙΠΟΛΕΙ

Χθὲς ἐγκρίθη ἐν Τριπόλει ἐπὶ τῇ προτάσει τοῦ ἐν Ἀθήναις Σταθμῶν Ἀθηνῶν κ. Μουρατόγλου, Τιρύνθος κ. Χασιώτου καὶ Καλκανῆ κ. Σμήθ, ἵνα εἰς ἀγρόκτημα ἄλλου τινός δήμου καταρτισθῇ τὸ Ἀγροκηπεῖον καὶ διορισθῇ ὁ διευθυντὴς αὐτοῦ ἐφ' ὅσον αὐτὸ δὲ ἐγκρίνεται.

Ἡ ἐπιτροπὴ ἐξελέξατο 3—4 τόπους κατάλληλους πρὸς τὴν ἵδρυσιν τοῦ ἀγροκηπείου.

ΨΗΦΙΣΜΑ ΥΠΕΡ ΝΟΜΑΡΧΟΥ
(Ἰδιαίτ. τηλεγράφημα τοῦ «Ἐμπρὸς»)

ΚΥΠΑΡΙΣΣΙΑ, 8 Μαΐου.— Συνελθὼν σήμερον ἐκτάκτως ὁ Σύλλογος τῶν Τεχνιτῶν ἐν Κυπαρισσίᾳ ἀποφάσισε ἀγανακτῶν ἐν ψηφίσματι δημοσιευθέντι ὑπὲρ τοῦ ἐντίμου Νομάρχου κ. Δασίου ἐν τῷ ψηφίσματι τῆς ἐν Τριφυλίᾳ τοῦ καλοῦ ἀνδρὸς, καθὼς καὶ τῇ ἐνάγει τὸ τῆς φιλανθρωπίας αὐτοῦ.

Τὸ ψήφισμα θὰ σταλῇ εἰς τὰς ἐν Ἀθήναις ἐφημερίδας. Ἡ φιλανθρωπία, ἐκ τούτου ὁ Νομάρχης προσηλώθη τῷ γενικῷ συμφέροντι τῶν Κυπαρισσίων.

Ἐντολῇ Συλλόγου
Ὁ ἀντιπρόσωπος Π. Γιαννόπουλος

Ἐνοικιάζονται δωμάτια εὐάερα κατάλληλα καὶ διὰ γραφεῖα ἢ διὰ τὰ ἐν ὅλω. Πληροφορίαι ὁδὸς Αἰόλου 128.
